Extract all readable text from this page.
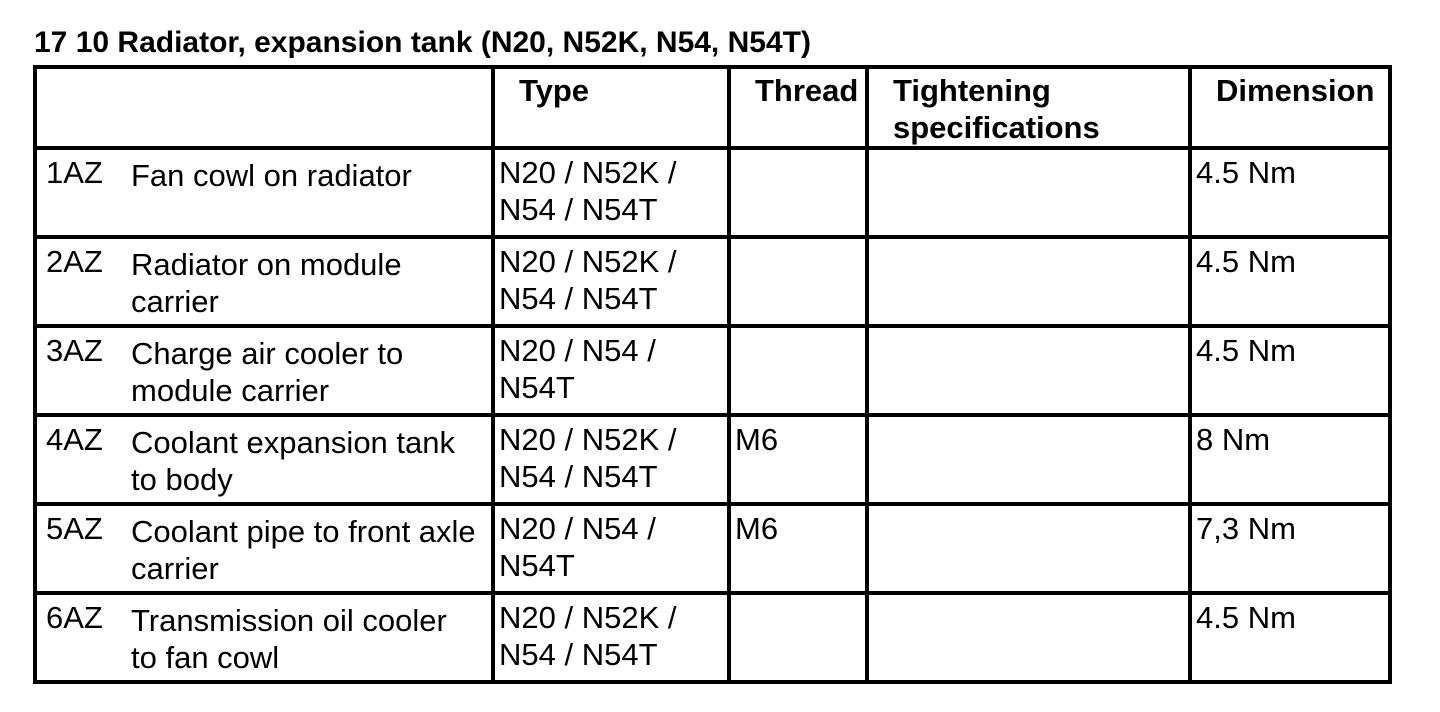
17 10 Radiator, expansion tank (N20, N52K, N54, N54T)
	Type	Thread	Tightening specifications	Dimension

1AZ Fan cowl on radiator	N20 / N52K / N54 / N54T			4.5 Nm

2AZ Radiator on module carrier	N20 / N52K / N54 / N54T			4.5 Nm

3AZ Charge air cooler to module carrier	N20 / N54 / N54T			4.5 Nm

4AZ Coolant expansion tank to body	N20 / N52K / N54 / N54T	M6		8 Nm

5AZ Coolant pipe to front axle carrier	N20 / N54 / N54T	M6		7,3 Nm

6AZ Transmission oil cooler to fan cowl	N20 / N52K / N54 / N54T			4.5 Nm
